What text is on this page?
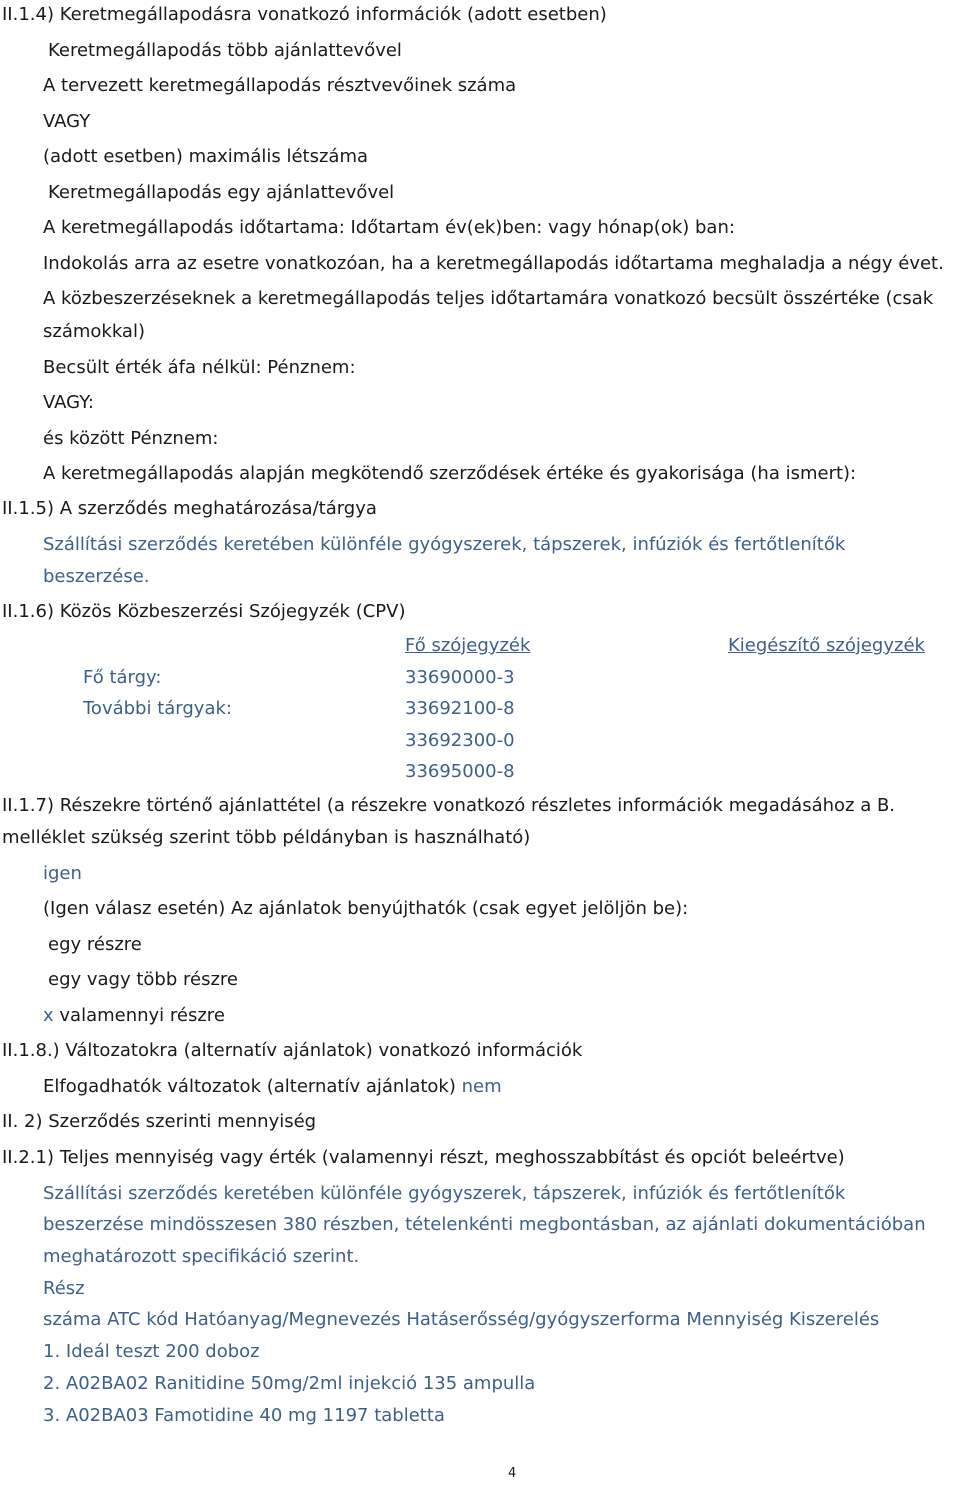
II.1.4) Keretmegállapodásra vonatkozó információk (adott esetben)
Keretmegállapodás több ajánlattevővel
A tervezett keretmegállapodás résztvevőinek száma
VAGY
(adott esetben) maximális létszáma
Keretmegállapodás egy ajánlattevővel
A keretmegállapodás időtartama: Időtartam év(ek)ben: vagy hónap(ok) ban:
Indokolás arra az esetre vonatkozóan, ha a keretmegállapodás időtartama meghaladja a négy évet.
A közbeszerzéseknek a keretmegállapodás teljes időtartamára vonatkozó becsült összértéke (csak
számokkal)
Becsült érték áfa nélkül: Pénznem:
VAGY:
és között Pénznem:
A keretmegállapodás alapján megkötendő szerződések értéke és gyakorisága (ha ismert):
II.1.5) A szerződés meghatározása/tárgya
Szállítási szerződés keretében különféle gyógyszerek, tápszerek, infúziók és fertőtlenítők
beszerzése.
II.1.6) Közös Közbeszerzési Szójegyzék (CPV)
Fő szójegyzék	Kiegészítő szójegyzék
Fő tárgy:	33690000-3
További tárgyak:	33692100-8
33692300-0
33695000-8
II.1.7) Részekre történő ajánlattétel (a részekre vonatkozó részletes információk megadásához a B.
melléklet szükség szerint több példányban is használható)
igen
(Igen válasz esetén) Az ajánlatok benyújthatók (csak egyet jelöljön be):
egy részre
egy vagy több részre
x valamennyi részre
II.1.8.) Változatokra (alternatív ajánlatok) vonatkozó információk
Elfogadhatók változatok (alternatív ajánlatok) nem
II. 2) Szerződés szerinti mennyiség
II.2.1) Teljes mennyiség vagy érték (valamennyi részt, meghosszabbítást és opciót beleértve)
Szállítási szerződés keretében különféle gyógyszerek, tápszerek, infúziók és fertőtlenítők
beszerzése mindösszesen 380 részben, tételenkénti megbontásban, az ajánlati dokumentációban
meghatározott specifikáció szerint.
Rész
száma ATC kód Hatóanyag/Megnevezés Hatáserősség/gyógyszerforma Mennyiség Kiszerelés
1. Ideál teszt 200 doboz
2. A02BA02 Ranitidine 50mg/2ml injekció 135 ampulla
3. A02BA03 Famotidine 40 mg 1197 tabletta
4
